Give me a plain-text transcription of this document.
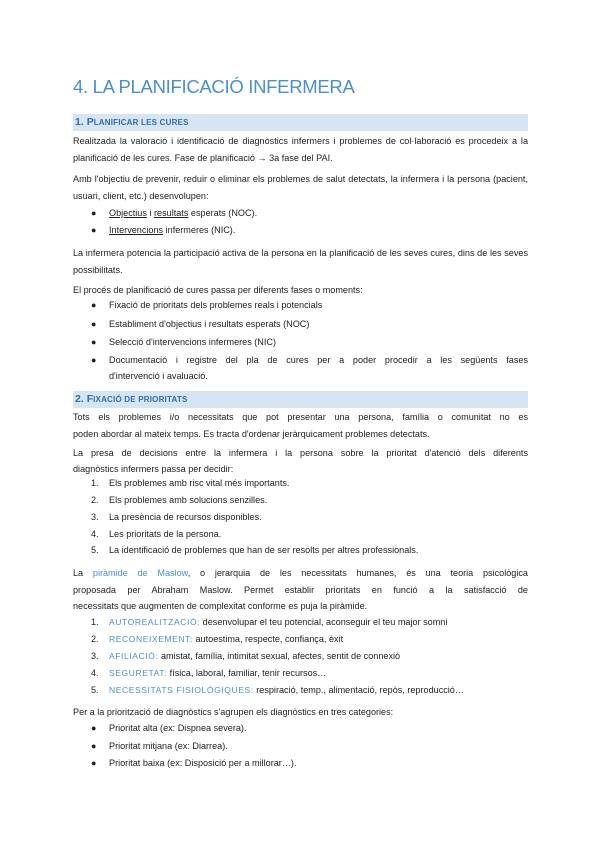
4. LA PLANIFICACIÓ INFERMERA
1. PLANIFICAR LES CURES

Realitzada la valoració i identificació de diagnòstics infermers i problemes de col·laboració es procedeix a la planificació de les cures. Fase de planificació → 3a fase del PAI.

Amb l'objectiu de prevenir, reduir o eliminar els problemes de salut detectats, la infermera i la persona (pacient, usuari, client, etc.) desenvolupen:

● Objectius i resultats esperats (NOC).
● Intervencions infermeres (NIC).

La infermera potencia la participació activa de la persona en la planificació de les seves cures, dins de les seves possibilitats.

El procés de planificació de cures passa per diferents fases o moments:

● Fixació de prioritats dels problemes reals i potencials
● Establiment d'objectius i resultats esperats (NOC)
● Selecció d'intervencions infermeres (NIC)
● Documentació i registre del pla de cures per a poder procedir a les següents fases
d'intervenció i avaluació.
2. FIXACIÓ DE PRIORITATS

Tots els problemes i/o necessitats que pot presentar una persona, família o comunitat no es

poden abordar al mateix temps. Es tracta d'ordenar jeràrquicament problemes detectats.

La presa de decisions entre la infermera i la persona sobre la prioritat d'atenció dels diferents

diagnòstics infermers passa per decidir:

1. Els problemes amb risc vital més importants.
2. Els problemes amb solucions senzilles.
3. La presència de recursos disponibles.
4. Les prioritats de la persona.
5. La identificació de problemes que han de ser resolts per altres professionals.

La piràmide de Maslow, o jerarquia de les necessitats humanes, és una teoria psicològica

proposada per Abraham Maslow. Permet establir prioritats en funció a la satisfacció de

necessitats que augmenten de complexitat conforme es puja la piràmide.

1. AUTOREALITZACIÓ: desenvolupar el teu potencial, aconseguir el teu major somni
2. RECONEIXEMENT: autoestima, respecte, confiança, èxit
3. AFILIACIÓ: amistat, família, intimitat sexual, afectes, sentit de connexió
4. SEGURETAT: física, laboral, familiar, tenir recursos…
5. NECESSITATS FISIOLÒGIQUES: respiració, temp., alimentació, repòs, reproducció…

Per a la priorització de diagnòstics s'agrupen els diagnòstics en tres categories:

● Prioritat alta (ex: Dispnea severa).
● Prioritat mitjana (ex: Diarrea).
● Prioritat baixa (ex: Disposició per a millorar…).
